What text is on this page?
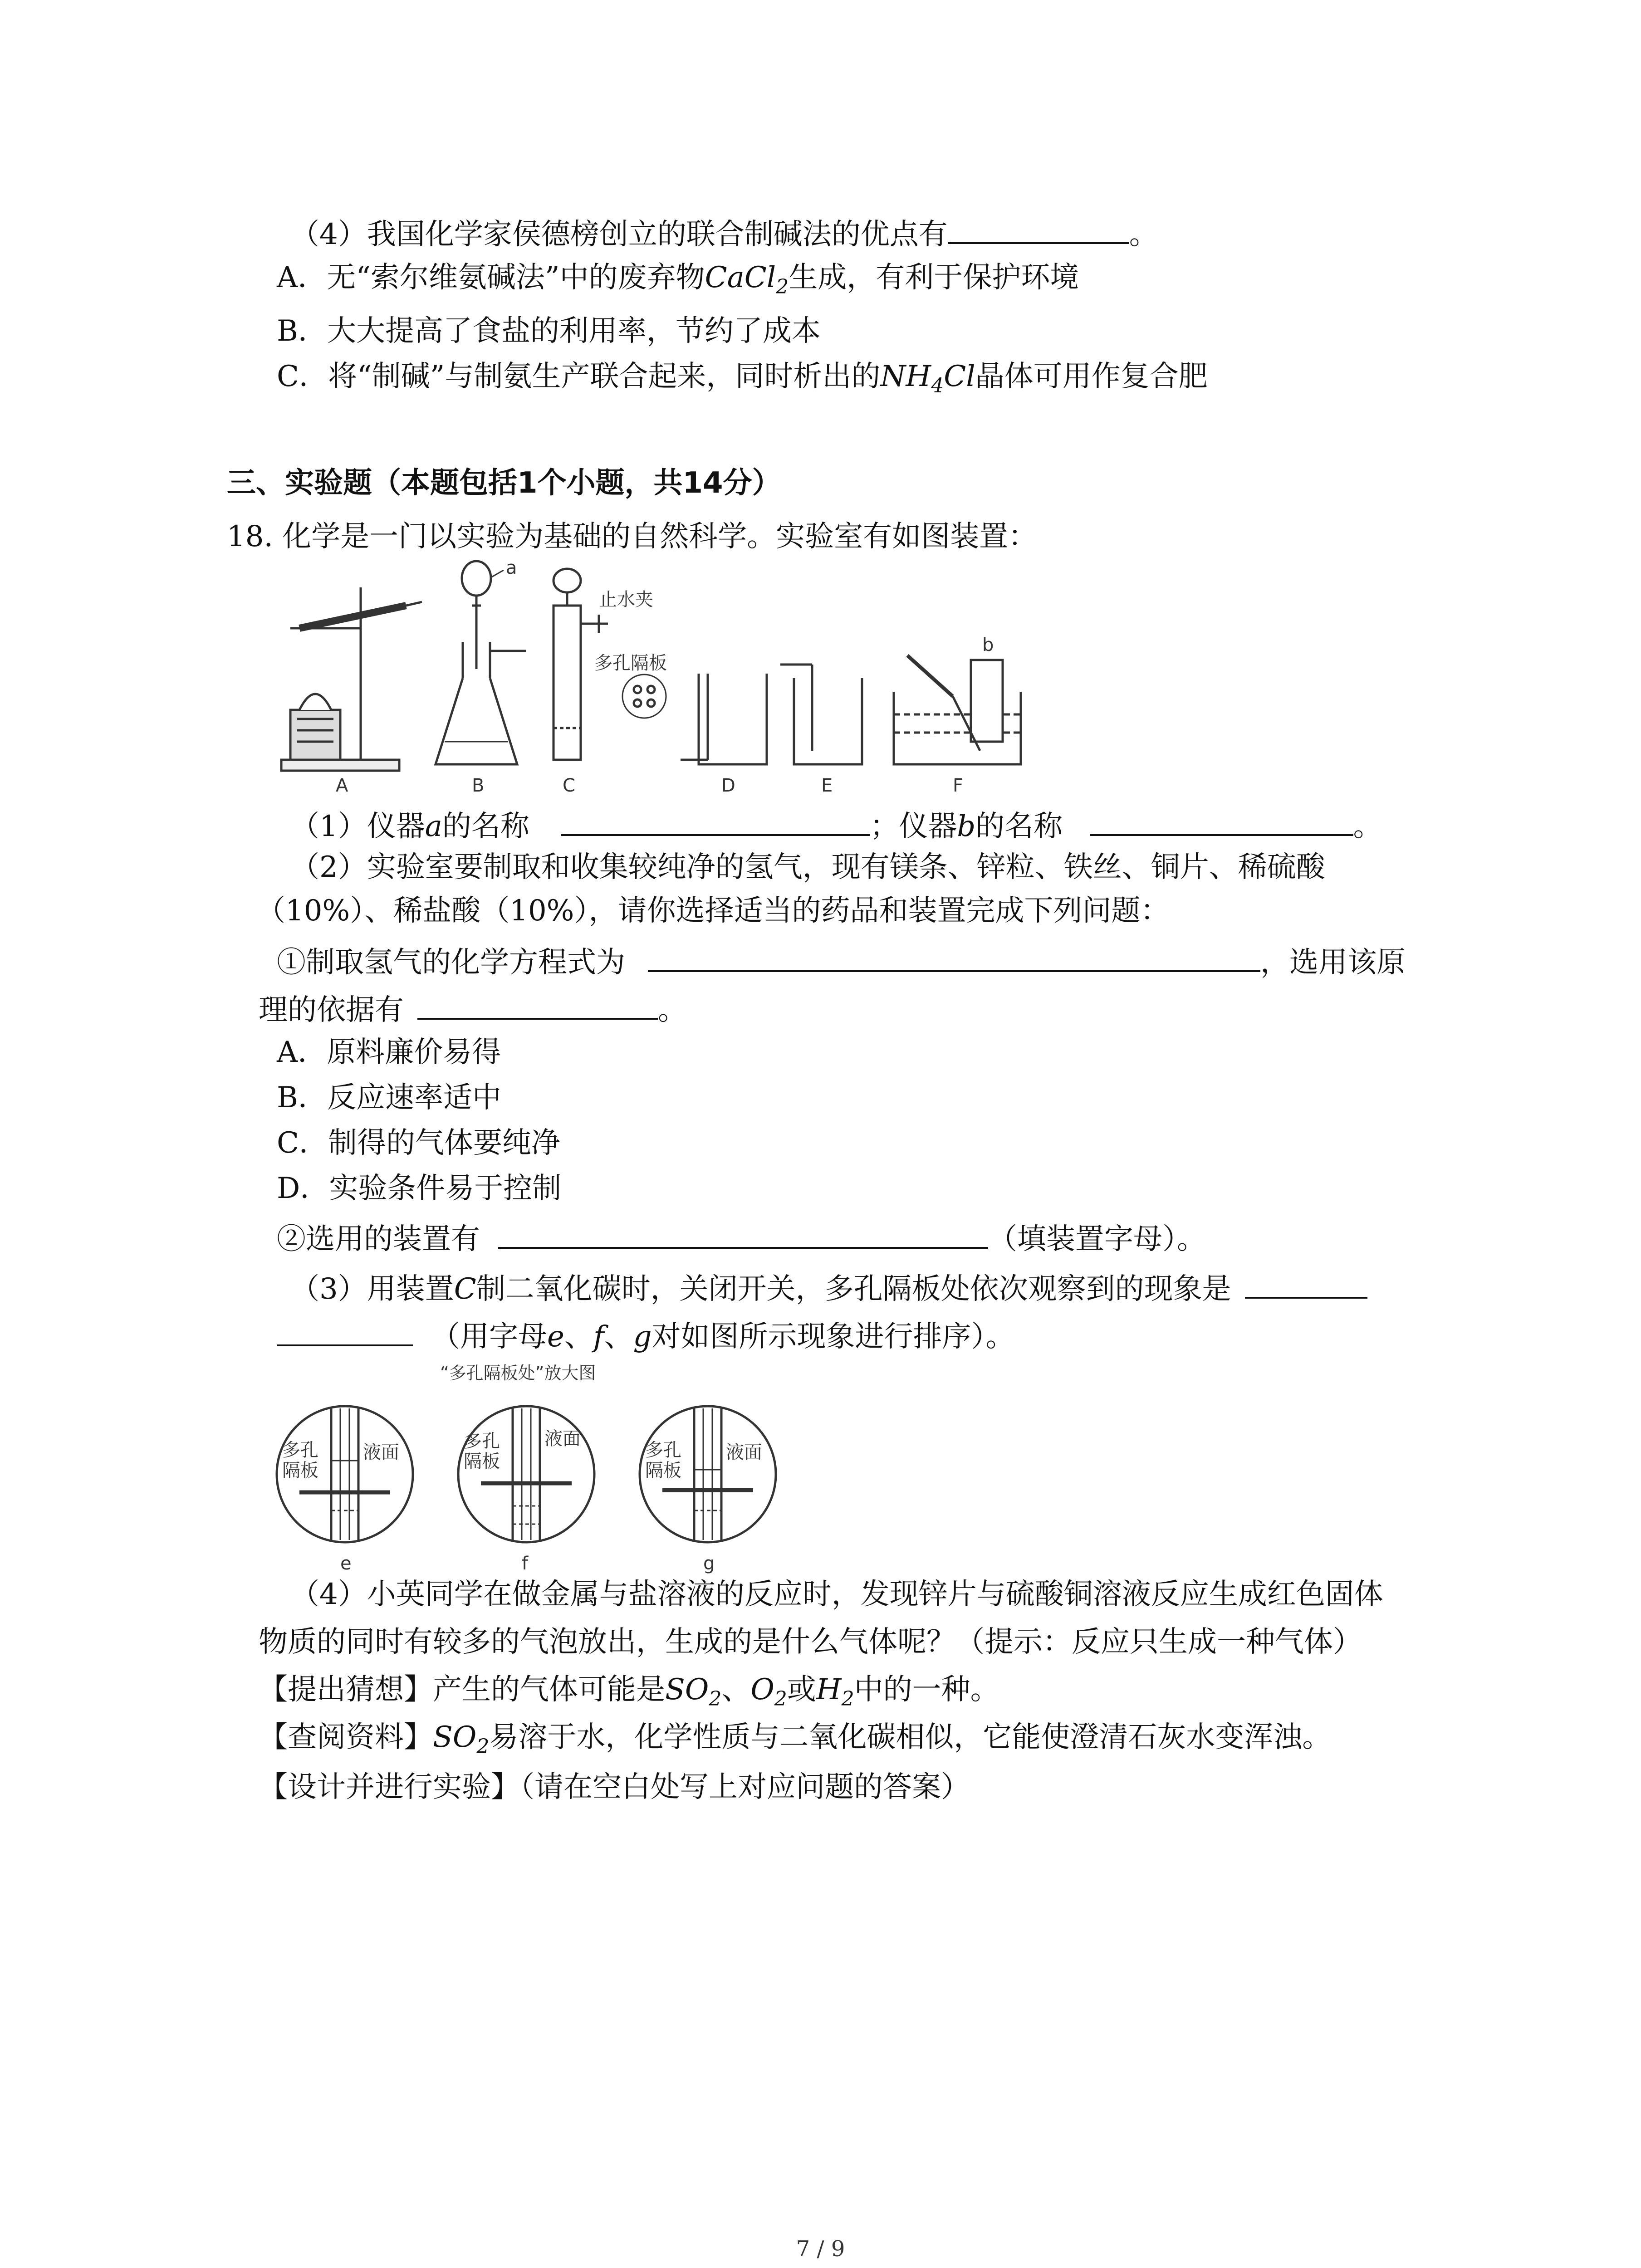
（4）我国化学家侯德榜创立的联合制碱法的优点有	。
A．无“索尔维氨碱法”中的废弃物CaCl$_2$生成，有利于保护环境
B．大大提高了食盐的利用率，节约了成本
C．将“制碱”与制氨生产联合起来，同时析出的$NH_4Cl$晶体可用作复合肥
三、实验题（本题包括1个小题，共14分）
18. 化学是一门以实验为基础的自然科学。实验室有如图装置：
a
止水夹
多孔隔板
b
A	B	C	D	E	F
（1）仪器a的名称	；仪器b的名称	。
（2）实验室要制取和收集较纯净的氢气，现有镁条、锌粒、铁丝、铜片、稀硫酸
（10%）、稀盐酸（10%），请你选择适当的药品和装置完成下列问题：
①制取氢气的化学方程式为	，选用该原
理的依据有	。
A．原料廉价易得
B．反应速率适中
C．制得的气体要纯净
D．实验条件易于控制
②选用的装置有	（填装置字母）。
（3）用装置C制二氧化碳时，关闭开关，多孔隔板处依次观察到的现象是
（用字母e、f、g对如图所示现象进行排序）。
“多孔隔板处”放大图
多孔
隔板
液面
多孔
隔板
液面
多孔
隔板
液面
e	f	g
（4）小英同学在做金属与盐溶液的反应时，发现锌片与硫酸铜溶液反应生成红色固体
物质的同时有较多的气泡放出，生成的是什么气体呢？（提示：反应只生成一种气体）
【提出猜想】产生的气体可能是$SO_2$、$O_2$或$H_2$中的一种。
【查阅资料】$SO_2$易溶于水，化学性质与二氧化碳相似，它能使澄清石灰水变浑浊。
【设计并进行实验】（请在空白处写上对应问题的答案）
7 / 9
